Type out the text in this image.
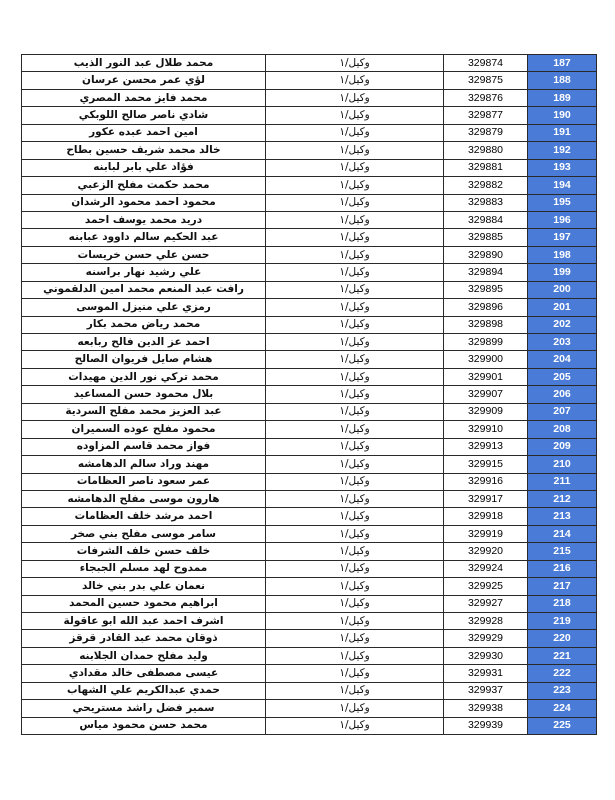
محمد طلال عبد النور الذيب	وكيل/١	329874	187
لؤي عمر محسن عرسان	وكيل/١	329875	188
محمد فايز محمد المصري	وكيل/١	329876	189
شادي ناصر صالح اللوبكي	وكيل/١	329877	190
امين احمد عبده عكور	وكيل/١	329879	191
خالد محمد شريف حسين بطاح	وكيل/١	329880	192
فؤاد علي بابر لبابنه	وكيل/١	329881	193
محمد حكمت مفلح الزعبي	وكيل/١	329882	194
محمود احمد محمود الرشدان	وكيل/١	329883	195
دريد محمد يوسف احمد	وكيل/١	329884	196
عبد الحكيم سالم داوود عبابنه	وكيل/١	329885	197
حسن علي حسن خريسات	وكيل/١	329890	198
علي رشيد نهار براسنه	وكيل/١	329894	199
رافت عبد المنعم محمد امين الدلقموني	وكيل/١	329895	200
رمزي علي منيزل الموسى	وكيل/١	329896	201
محمد رياض محمد بكار	وكيل/١	329898	202
احمد عز الدين فالح ربابعه	وكيل/١	329899	203
هشام صايل فريوان الصالح	وكيل/١	329900	204
محمد تركي نور الدين مهيدات	وكيل/١	329901	205
بلال محمود حسن المساعيد	وكيل/١	329907	206
عبد العزيز محمد مفلح السردية	وكيل/١	329909	207
محمود مفلح عوده السميران	وكيل/١	329910	208
فواز محمد قاسم المزاوده	وكيل/١	329913	209
مهند وراد سالم الدهامشه	وكيل/١	329915	210
عمر سعود ناصر العظامات	وكيل/١	329916	211
هارون موسى مفلح الدهامشه	وكيل/١	329917	212
احمد مرشد خلف العظامات	وكيل/١	329918	213
سامر موسى مفلح بني صخر	وكيل/١	329919	214
خلف حسن خلف الشرفات	وكيل/١	329920	215
ممدوح لهد مسلم الجبجاء	وكيل/١	329924	216
نعمان علي بدر بني خالد	وكيل/١	329925	217
ابراهيم محمود حسين المحمد	وكيل/١	329927	218
اشرف احمد عبد الله ابو عاقولة	وكيل/١	329928	219
ذوقان محمد عبد القادر قرقز	وكيل/١	329929	220
وليد مفلح حمدان الجلابنه	وكيل/١	329930	221
عيسى مصطفى خالد مقدادي	وكيل/١	329931	222
حمدي عبدالكريم علي الشهاب	وكيل/١	329937	223
سمير فضل راشد مستريحي	وكيل/١	329938	224
محمد حسن محمود مياس	وكيل/١	329939	225
